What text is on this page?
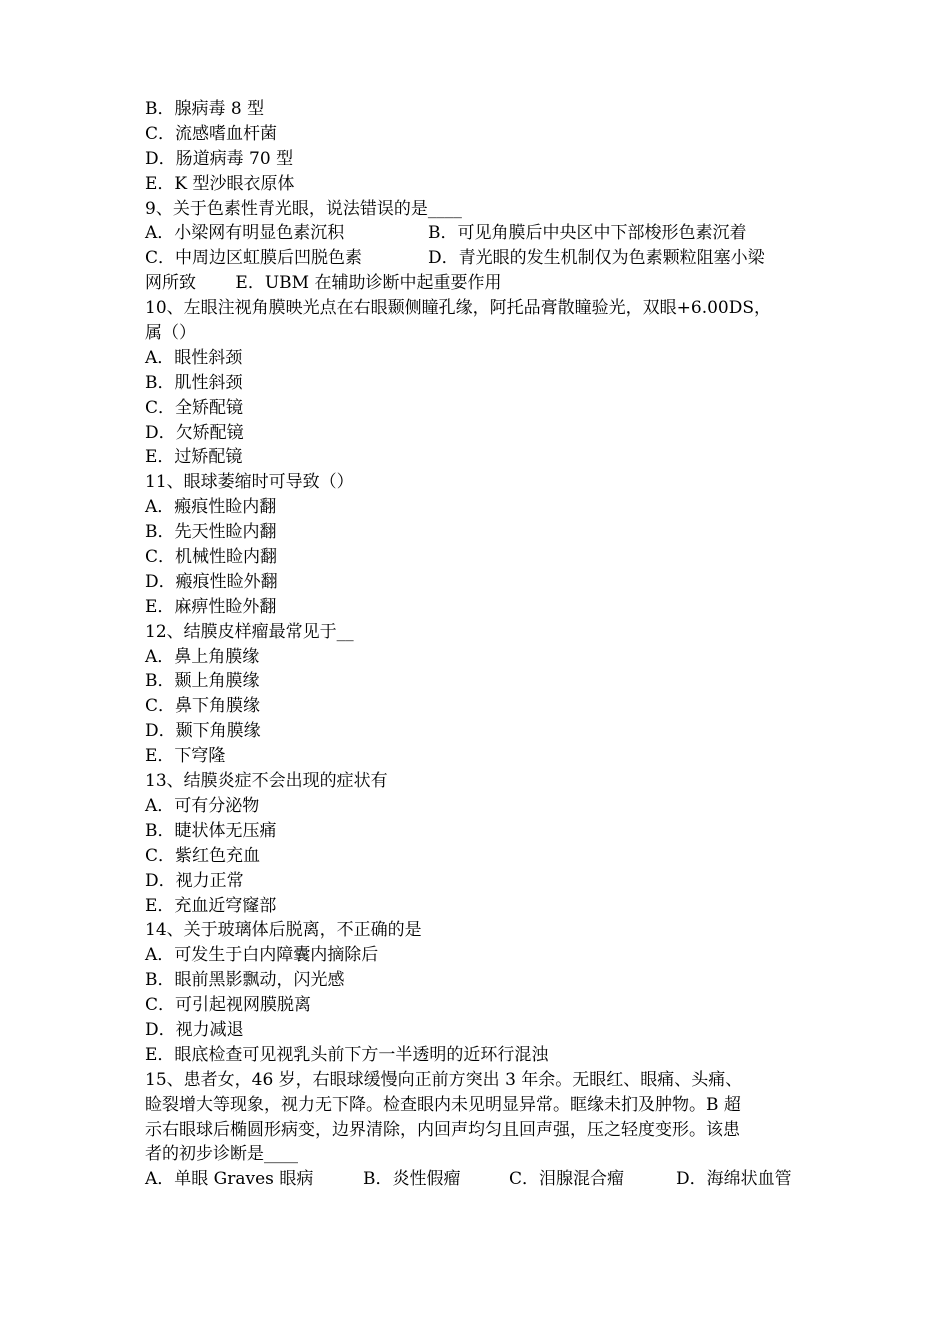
B．腺病毒 8 型
C．流感嗜血杆菌
D．肠道病毒 70 型
E．K 型沙眼衣原体
9、关于色素性青光眼，说法错误的是____
A．小梁网有明显色素沉积	B．可见角膜后中央区中下部梭形色素沉着
C．中周边区虹膜后凹脱色素	D．青光眼的发生机制仅为色素颗粒阻塞小梁
网所致 　　E．UBM 在辅助诊断中起重要作用
10、左眼注视角膜映光点在右眼颞侧瞳孔缘，阿托品膏散瞳验光，双眼+6.00DS，
属（）
A．眼性斜颈
B．肌性斜颈
C．全矫配镜
D．欠矫配镜
E．过矫配镜
11、眼球萎缩时可导致（）
A．瘢痕性睑内翻
B．先天性睑内翻
C．机械性睑内翻
D．瘢痕性睑外翻
E．麻痹性睑外翻
12、结膜皮样瘤最常见于__
A．鼻上角膜缘
B．颞上角膜缘
C．鼻下角膜缘
D．颞下角膜缘
E．下穹隆
13、结膜炎症不会出现的症状有
A．可有分泌物
B．睫状体无压痛
C．紫红色充血
D．视力正常
E．充血近穹窿部
14、关于玻璃体后脱离，不正确的是
A．可发生于白内障囊内摘除后
B．眼前黑影飘动，闪光感
C．可引起视网膜脱离
D．视力减退
E．眼底检查可见视乳头前下方一半透明的近环行混浊
15、患者女，46 岁，右眼球缓慢向正前方突出 3 年余。无眼红、眼痛、头痛、
睑裂增大等现象，视力无下降。检查眼内未见明显异常。眶缘未扪及肿物。B 超
示右眼球后椭圆形病变，边界清除，内回声均匀且回声强，压之轻度变形。该患
者的初步诊断是____
A．单眼 Graves 眼病	B．炎性假瘤	C．泪腺混合瘤	D．海绵状血管
